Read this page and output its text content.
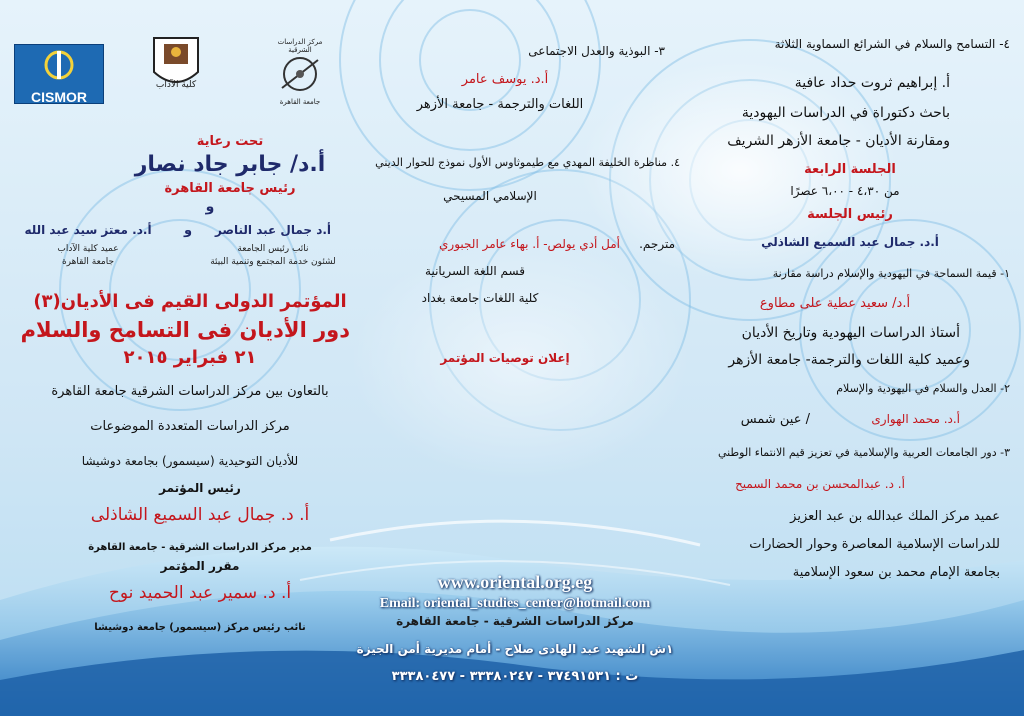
CISMOR
كلية الآداب
مركز الدراسات الشرقية
جامعة القاهرة
تحت رعاية
أ.د/ جابر جاد نصار
رئيس جامعة القاهرة
و
أ.د. معتز سيد عبد الله
عميد كلية الآداب
جامعة القاهرة
و	أ.د جمال عبد الناصر
نائب رئيس الجامعة
لشئون خدمة المجتمع وتنمية البيئة
المؤتمر الدولى القيم فى الأديان(٣)
دور الأديان فى التسامح والسلام
٢١ فبراير ٢٠١٥
بالتعاون بين مركز الدراسات الشرقية جامعة القاهرة
مركز الدراسات المتعددة الموضوعات
للأديان التوحيدية (سيسمور) بجامعة دوشيشا
رئيس المؤتمر
أ. د. جمال عبد السميع الشاذلى
مدير مركز الدراسات الشرقية - جامعة القاهرة
مقرر المؤتمر
أ. د. سمير عبد الحميد نوح
نائب رئيس مركز (سيسمور) جامعة دوشيشا
٣- البوذية والعدل الاجتماعى
أ.د. يوسف عامر
اللغات والترجمة - جامعة الأزهر
٤. مناظرة الخليفة المهدي مع طيموثاوس الأول نموذج للحوار الديني
الإسلامي المسيحي
مترجم.
أمل أدي يولص- أ. بهاء عامر الجبوري
قسم اللغة السريانية
كلية اللغات جامعة بغداد
إعلان توصيات المؤتمر
٤- التسامح والسلام في الشرائع السماوية الثلاثة
أ. إبراهيم ثروت حداد عافية
باحث دكتوراة في الدراسات اليهودية
ومقارنة الأديان - جامعة الأزهر الشريف
الجلسة الرابعة
من ٤،٣٠ - ٦،٠٠ عصرًا
رئيس الجلسة
أ.د. جمال عبد السميع الشاذلي
١- قيمة السماحة في اليهودية والإسلام دراسة مقارنة
أ.د/ سعيد عطية على مطاوع
أستاذ الدراسات اليهودية وتاريخ الأديان
وعميد كلية اللغات والترجمة- جامعة الأزهر
٢- العدل والسلام في اليهودية والإسلام
أ.د. محمد الهوارى
/ عين شمس
٣- دور الجامعات العربية والإسلامية في تعزيز قيم الانتماء الوطني
أ. د. عبدالمحسن بن محمد السميح
عميد مركز الملك عبدالله بن عبد العزيز
للدراسات الإسلامية المعاصرة وحوار الحضارات
بجامعة الإمام محمد بن سعود الإسلامية
www.oriental.org.eg
Email: oriental_studies_center@hotmail.com
مركز الدراسات الشرقية - جامعة القاهرة
١ش الشهيد عبد الهادى صلاح - أمام مديرية أمن الجيزة
ت : ٣٧٤٩١٥٣١ - ٣٣٣٨٠٢٤٧ - ٣٣٣٨٠٤٧٧
